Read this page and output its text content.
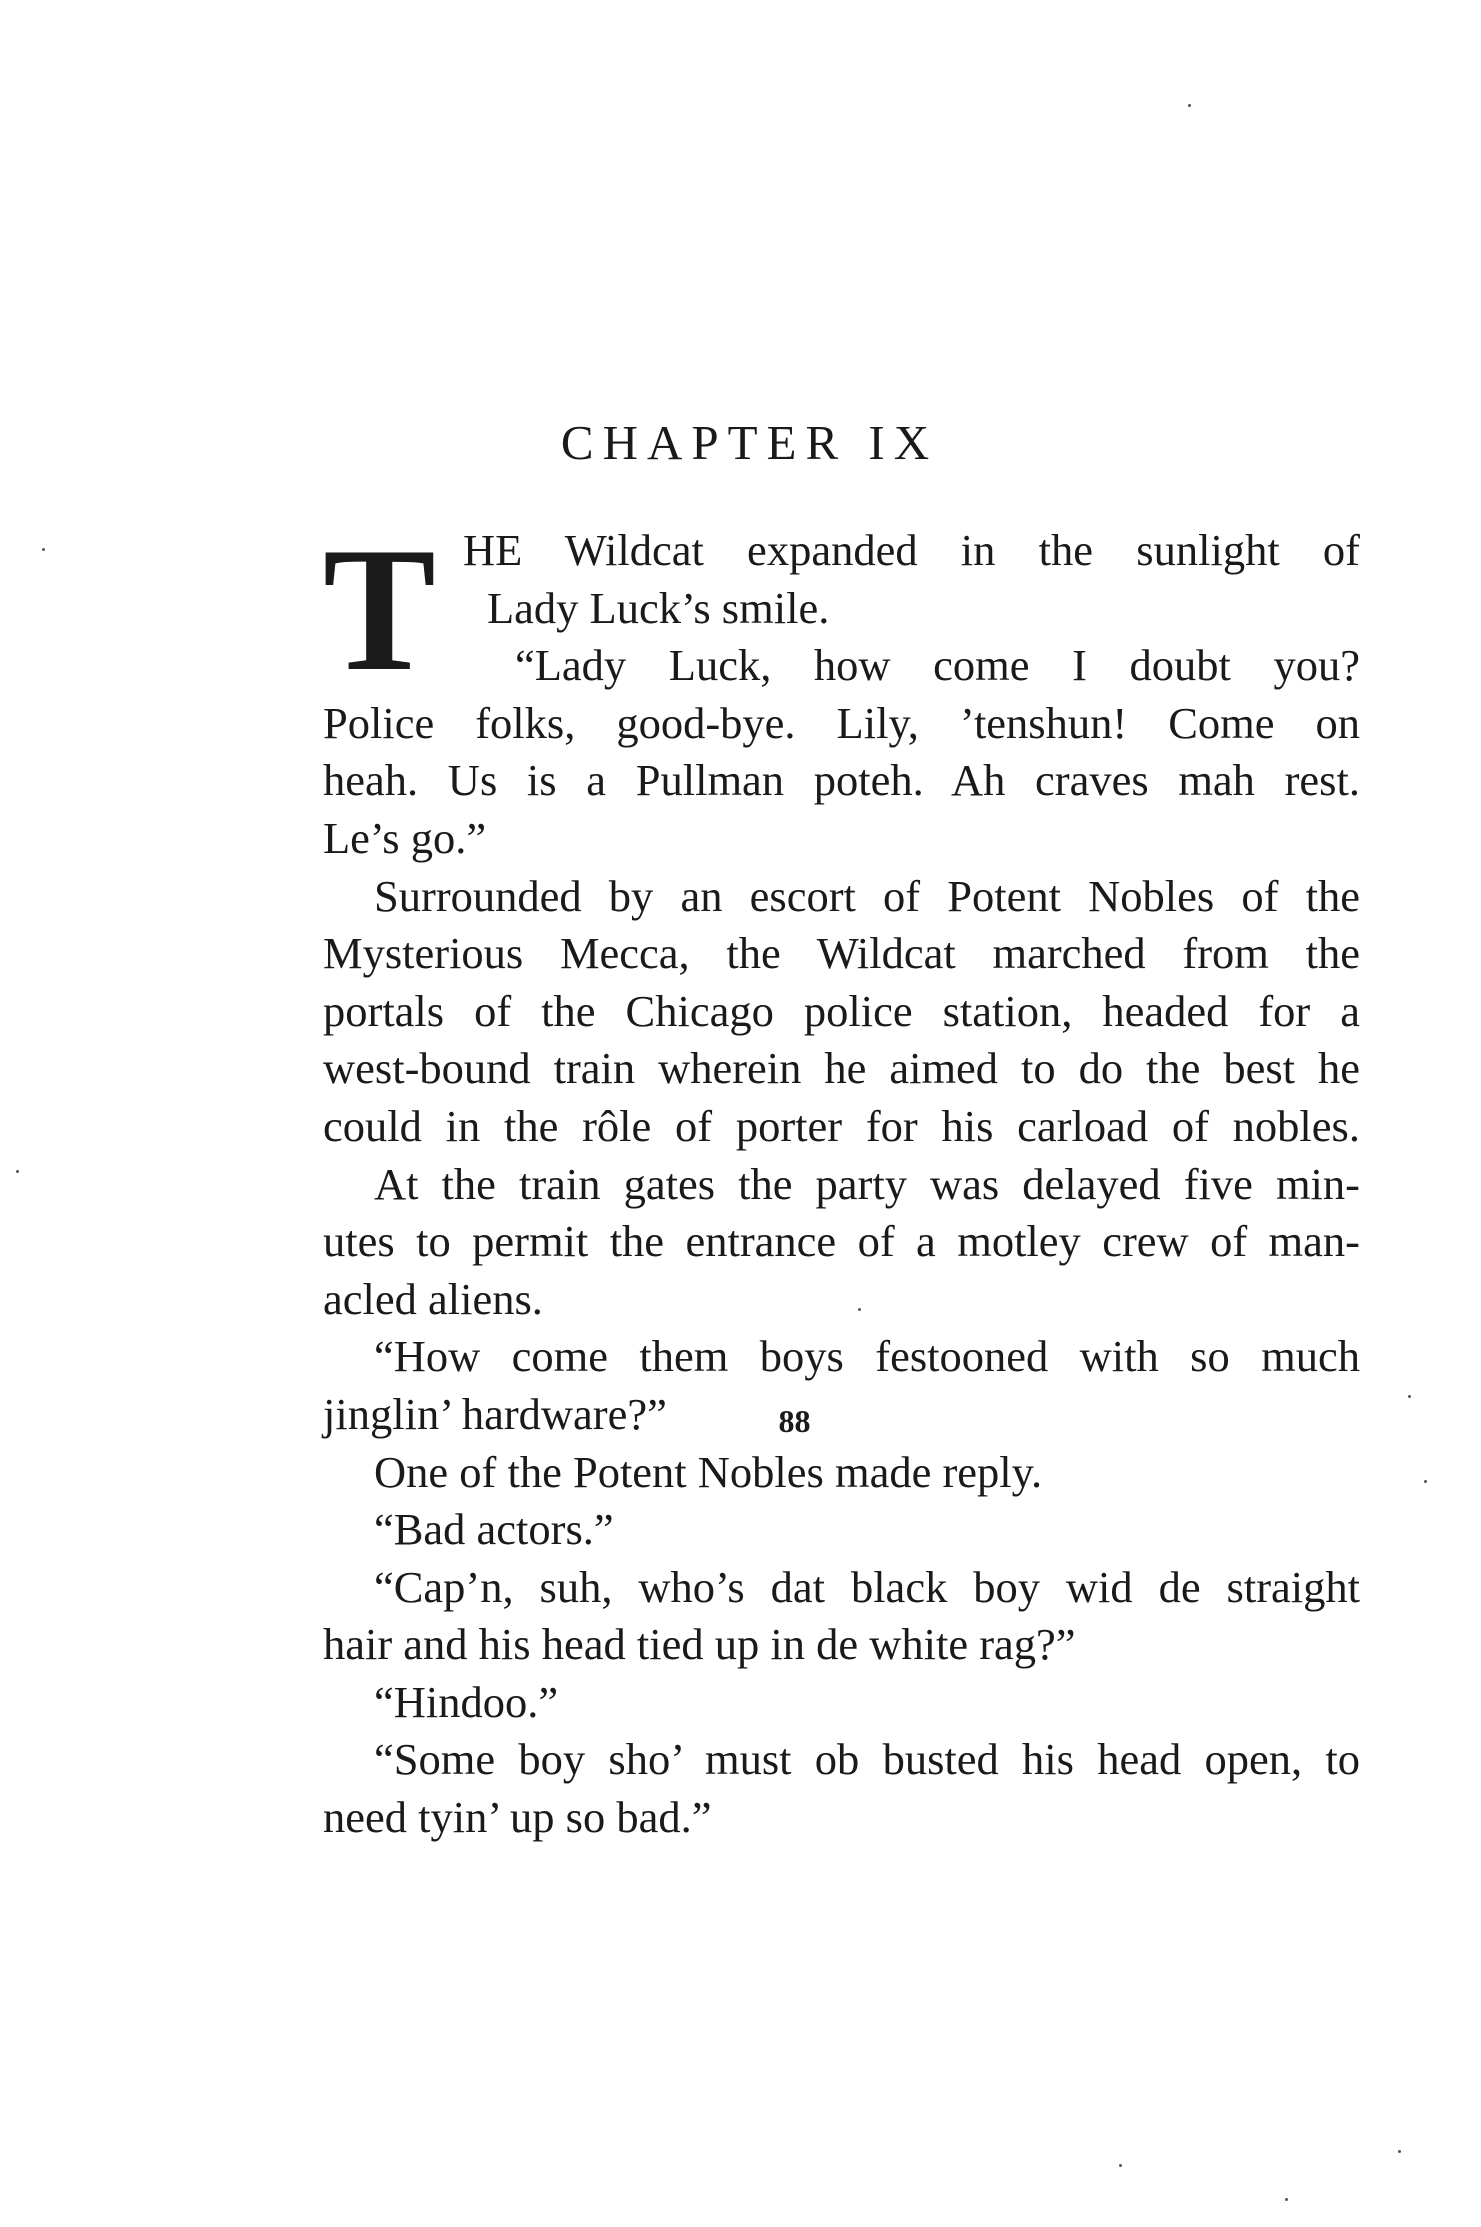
CHAPTER IX
T HE Wildcat expanded in the sunlight of
Lady Luck’s smile.
“Lady Luck, how come I doubt you?
Police folks, good-bye. Lily, ’tenshun! Come on
heah. Us is a Pullman poteh. Ah craves mah rest.
Le’s go.”
Surrounded by an escort of Potent Nobles of the
Mysterious Mecca, the Wildcat marched from the
portals of the Chicago police station, headed for a
west-bound train wherein he aimed to do the best he
could in the rôle of porter for his carload of nobles.
At the train gates the party was delayed five min-
utes to permit the entrance of a motley crew of man-
acled aliens.
“How come them boys festooned with so much
jinglin’ hardware?”
One of the Potent Nobles made reply.
“Bad actors.”
“Cap’n, suh, who’s dat black boy wid de straight
hair and his head tied up in de white rag?”
“Hindoo.”
“Some boy sho’ must ob busted his head open, to
need tyin’ up so bad.”
88
